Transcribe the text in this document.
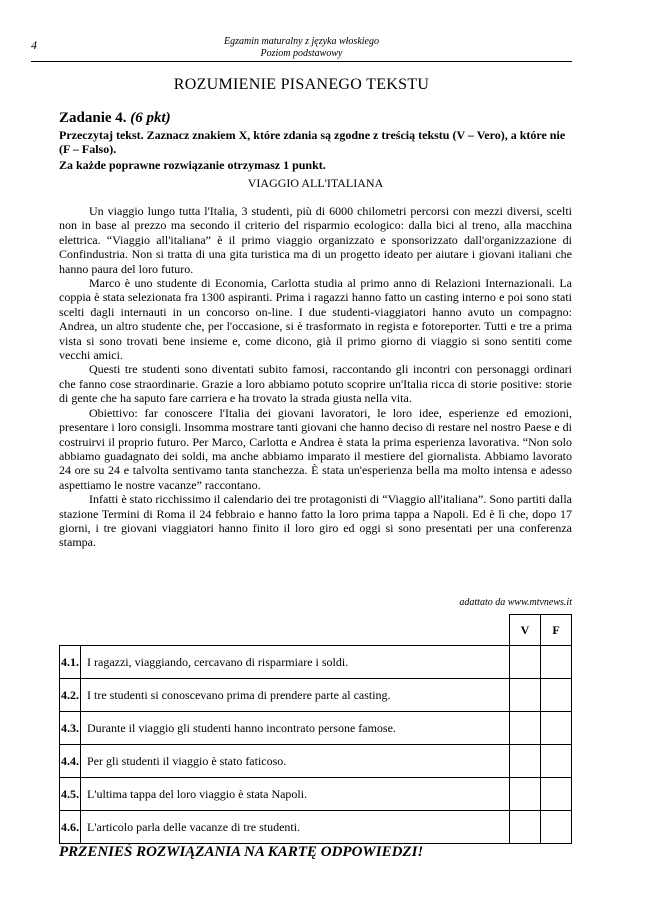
4	Egzamin maturalny z języka włoskiego
Poziom podstawowy
ROZUMIENIE PISANEGO TEKSTU
Zadanie 4. (6 pkt)
Przeczytaj tekst. Zaznacz znakiem X, które zdania są zgodne z treścią tekstu (V – Vero), a które nie (F – Falso).
Za każde poprawne rozwiązanie otrzymasz 1 punkt.
VIAGGIO ALL'ITALIANA

Un viaggio lungo tutta l'Italia, 3 studenti, più di 6000 chilometri percorsi con mezzi diversi, scelti non in base al prezzo ma secondo il criterio del risparmio ecologico: dalla bici al treno, alla macchina elettrica. “Viaggio all'italiana” è il primo viaggio organizzato e sponsorizzato dall'organizzazione di Confindustria. Non si tratta di una gita turistica ma di un progetto ideato per aiutare i giovani italiani che hanno paura del loro futuro.

Marco è uno studente di Economia, Carlotta studia al primo anno di Relazioni Internazionali. La coppia è stata selezionata fra 1300 aspiranti. Prima i ragazzi hanno fatto un casting interno e poi sono stati scelti dagli internauti in un concorso on-line. I due studenti-viaggiatori hanno avuto un compagno: Andrea, un altro studente che, per l'occasione, si è trasformato in regista e fotoreporter. Tutti e tre a prima vista si sono trovati bene insieme e, come dicono, già il primo giorno di viaggio si sono sentiti come vecchi amici.

Questi tre studenti sono diventati subito famosi, raccontando gli incontri con personaggi ordinari che fanno cose straordinarie. Grazie a loro abbiamo potuto scoprire un'Italia ricca di storie positive: storie di gente che ha saputo fare carriera e ha trovato la strada giusta nella vita.

Obiettivo: far conoscere l'Italia dei giovani lavoratori, le loro idee, esperienze ed emozioni, presentare i loro consigli. Insomma mostrare tanti giovani che hanno deciso di restare nel nostro Paese e di costruirvi il proprio futuro. Per Marco, Carlotta e Andrea è stata la prima esperienza lavorativa. “Non solo abbiamo guadagnato dei soldi, ma anche abbiamo imparato il mestiere del giornalista. Abbiamo lavorato 24 ore su 24 e talvolta sentivamo tanta stanchezza. È stata un'esperienza bella ma molto intensa e adesso aspettiamo le nostre vacanze” raccontano.

Infatti è stato ricchissimo il calendario dei tre protagonisti di “Viaggio all'italiana”. Sono partiti dalla stazione Termini di Roma il 24 febbraio e hanno fatto la loro prima tappa a Napoli. Ed è lì che, dopo 17 giorni, i tre giovani viaggiatori hanno finito il loro giro ed oggi si sono presentati per una conferenza stampa.

adattato da www.mtvnews.it
		V	F
4.1.	I ragazzi, viaggiando, cercavano di risparmiare i soldi.		
4.2.	I tre studenti si conoscevano prima di prendere parte al casting.		
4.3.	Durante il viaggio gli studenti hanno incontrato persone famose.		
4.4.	Per gli studenti il viaggio è stato faticoso.		
4.5.	L'ultima tappa del loro viaggio è stata Napoli.		
4.6.	L'articolo parla delle vacanze di tre studenti.		
PRZENIEŚ ROZWIĄZANIA NA KARTĘ ODPOWIEDZI!
